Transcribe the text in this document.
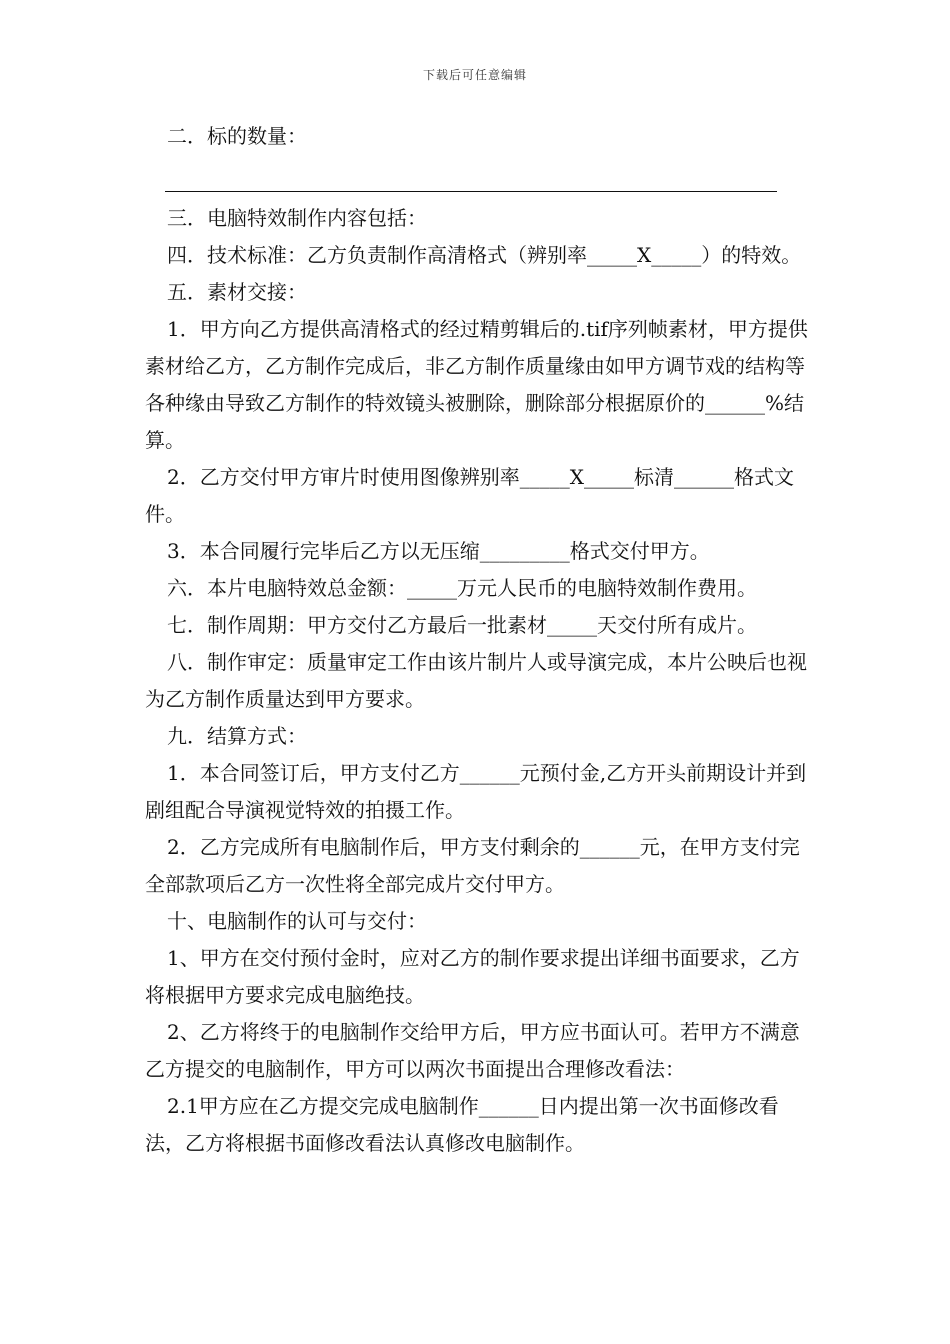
下载后可任意编辑

二．标的数量：

三．电脑特效制作内容包括：

四．技术标准：乙方负责制作高清格式（辨别率_____X_____）的特效。

五．素材交接：

1．甲方向乙方提供高清格式的经过精剪辑后的.tif序列帧素材，甲方提供素材给乙方，乙方制作完成后，非乙方制作质量缘由如甲方调节戏的结构等各种缘由导致乙方制作的特效镜头被删除，删除部分根据原价的______%结算。

2．乙方交付甲方审片时使用图像辨别率_____X_____标清______格式文件。

3．本合同履行完毕后乙方以无压缩_________格式交付甲方。

六．本片电脑特效总金额：_____万元人民币的电脑特效制作费用。

七．制作周期：甲方交付乙方最后一批素材_____天交付所有成片。

八．制作审定：质量审定工作由该片制片人或导演完成，本片公映后也视为乙方制作质量达到甲方要求。

九．结算方式：

1．本合同签订后，甲方支付乙方______元预付金,乙方开头前期设计并到剧组配合导演视觉特效的拍摄工作。

2．乙方完成所有电脑制作后，甲方支付剩余的______元，在甲方支付完全部款项后乙方一次性将全部完成片交付甲方。

十、电脑制作的认可与交付：

1、甲方在交付预付金时，应对乙方的制作要求提出详细书面要求，乙方将根据甲方要求完成电脑绝技。

2、乙方将终于的电脑制作交给甲方后，甲方应书面认可。若甲方不满意乙方提交的电脑制作，甲方可以两次书面提出合理修改看法：

2.1甲方应在乙方提交完成电脑制作______日内提出第一次书面修改看法，乙方将根据书面修改看法认真修改电脑制作。
